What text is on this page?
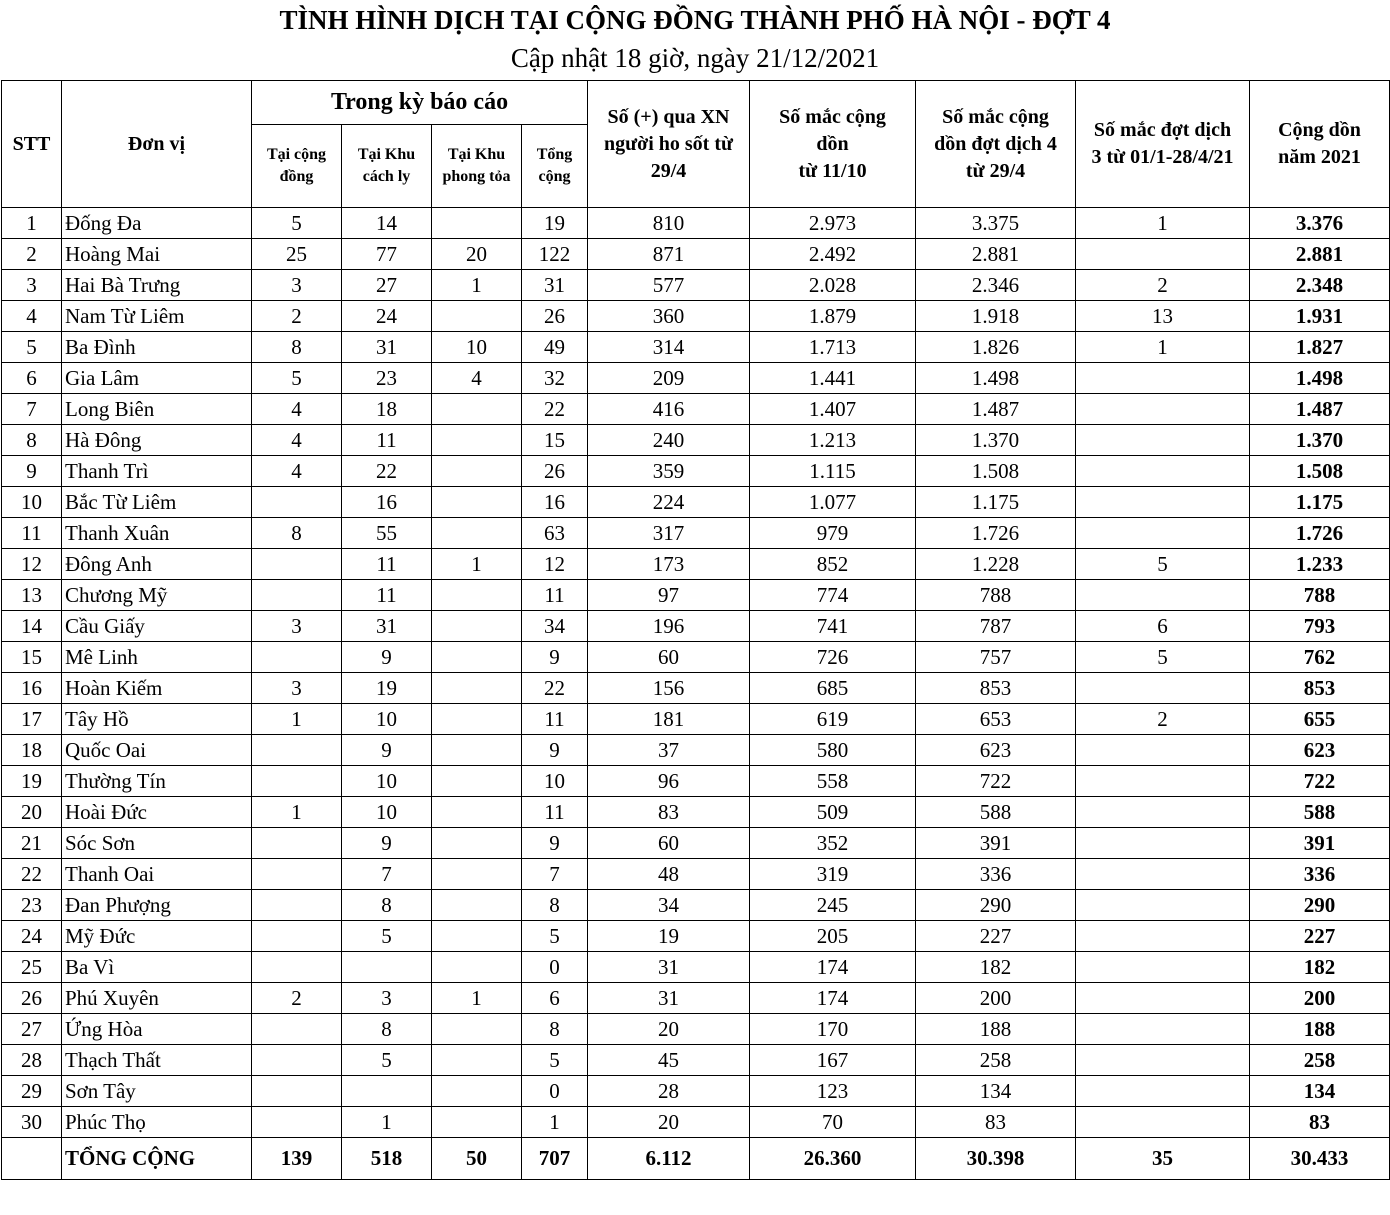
TÌNH HÌNH DỊCH TẠI CỘNG ĐỒNG THÀNH PHỐ HÀ NỘI - ĐỢT 4
Cập nhật 18 giờ, ngày 21/12/2021
STT	Đơn vị	Trong kỳ báo cáo				Số (+) qua XN
người ho sốt từ
29/4	Số mắc cộng
dồn
từ 11/10	Số mắc cộng
dồn đợt dịch 4
từ 29/4	Số mắc đợt dịch
3 từ 01/1-28/4/21	Cộng dồn
năm 2021
		Tại cộng
đồng	Tại Khu
cách ly	Tại Khu
phong tỏa	Tổng
cộng					
1	Đống Đa	5	14		19	810	2.973	3.375	1	3.376
2	Hoàng Mai	25	77	20	122	871	2.492	2.881		2.881
3	Hai Bà Trưng	3	27	1	31	577	2.028	2.346	2	2.348
4	Nam Từ Liêm	2	24		26	360	1.879	1.918	13	1.931
5	Ba Đình	8	31	10	49	314	1.713	1.826	1	1.827
6	Gia Lâm	5	23	4	32	209	1.441	1.498		1.498
7	Long Biên	4	18		22	416	1.407	1.487		1.487
8	Hà Đông	4	11		15	240	1.213	1.370		1.370
9	Thanh Trì	4	22		26	359	1.115	1.508		1.508
10	Bắc Từ Liêm		16		16	224	1.077	1.175		1.175
11	Thanh Xuân	8	55		63	317	979	1.726		1.726
12	Đông Anh		11	1	12	173	852	1.228	5	1.233
13	Chương Mỹ		11		11	97	774	788		788
14	Cầu Giấy	3	31		34	196	741	787	6	793
15	Mê Linh		9		9	60	726	757	5	762
16	Hoàn Kiếm	3	19		22	156	685	853		853
17	Tây Hồ	1	10		11	181	619	653	2	655
18	Quốc Oai		9		9	37	580	623		623
19	Thường Tín		10		10	96	558	722		722
20	Hoài Đức	1	10		11	83	509	588		588
21	Sóc Sơn		9		9	60	352	391		391
22	Thanh Oai		7		7	48	319	336		336
23	Đan Phượng		8		8	34	245	290		290
24	Mỹ Đức		5		5	19	205	227		227
25	Ba Vì				0	31	174	182		182
26	Phú Xuyên	2	3	1	6	31	174	200		200
27	Ứng Hòa		8		8	20	170	188		188
28	Thạch Thất		5		5	45	167	258		258
29	Sơn Tây				0	28	123	134		134
30	Phúc Thọ		1		1	20	70	83		83
	TỔNG CỘNG	139	518	50	707	6.112	26.360	30.398	35	30.433
